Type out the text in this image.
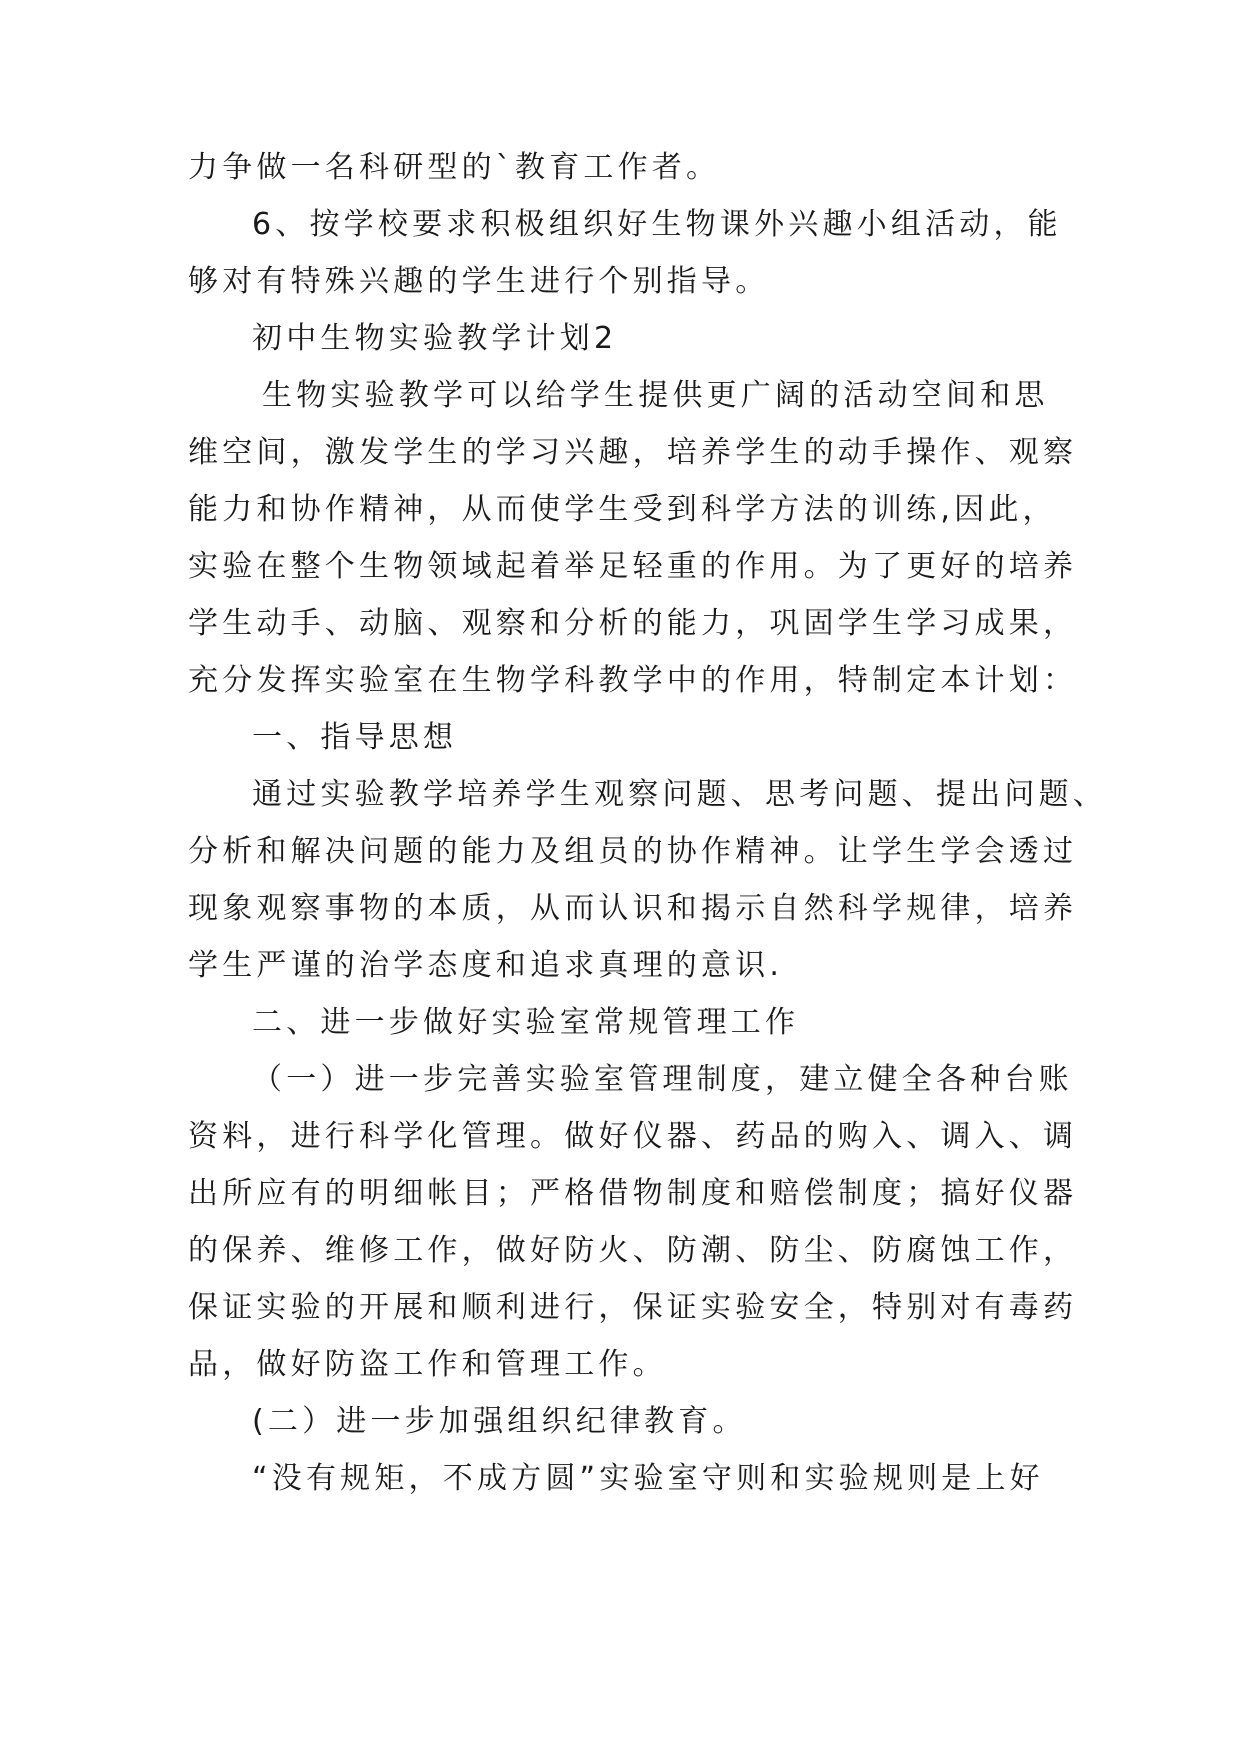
力争做一名科研型的`教育工作者。
6、按学校要求积极组织好生物课外兴趣小组活动，能
够对有特殊兴趣的学生进行个别指导。
初中生物实验教学计划2
生物实验教学可以给学生提供更广阔的活动空间和思
维空间，激发学生的学习兴趣，培养学生的动手操作、观察
能力和协作精神，从而使学生受到科学方法的训练,因此，
实验在整个生物领域起着举足轻重的作用。为了更好的培养
学生动手、动脑、观察和分析的能力，巩固学生学习成果，
充分发挥实验室在生物学科教学中的作用，特制定本计划：
一、指导思想
通过实验教学培养学生观察问题、思考问题、提出问题、
分析和解决问题的能力及组员的协作精神。让学生学会透过
现象观察事物的本质，从而认识和揭示自然科学规律，培养
学生严谨的治学态度和追求真理的意识.
二、进一步做好实验室常规管理工作
（一）进一步完善实验室管理制度，建立健全各种台账
资料，进行科学化管理。做好仪器、药品的购入、调入、调
出所应有的明细帐目；严格借物制度和赔偿制度；搞好仪器
的保养、维修工作，做好防火、防潮、防尘、防腐蚀工作，
保证实验的开展和顺利进行，保证实验安全，特别对有毒药
品，做好防盗工作和管理工作。
(二）进一步加强组织纪律教育。
“没有规矩，不成方圆”实验室守则和实验规则是上好
